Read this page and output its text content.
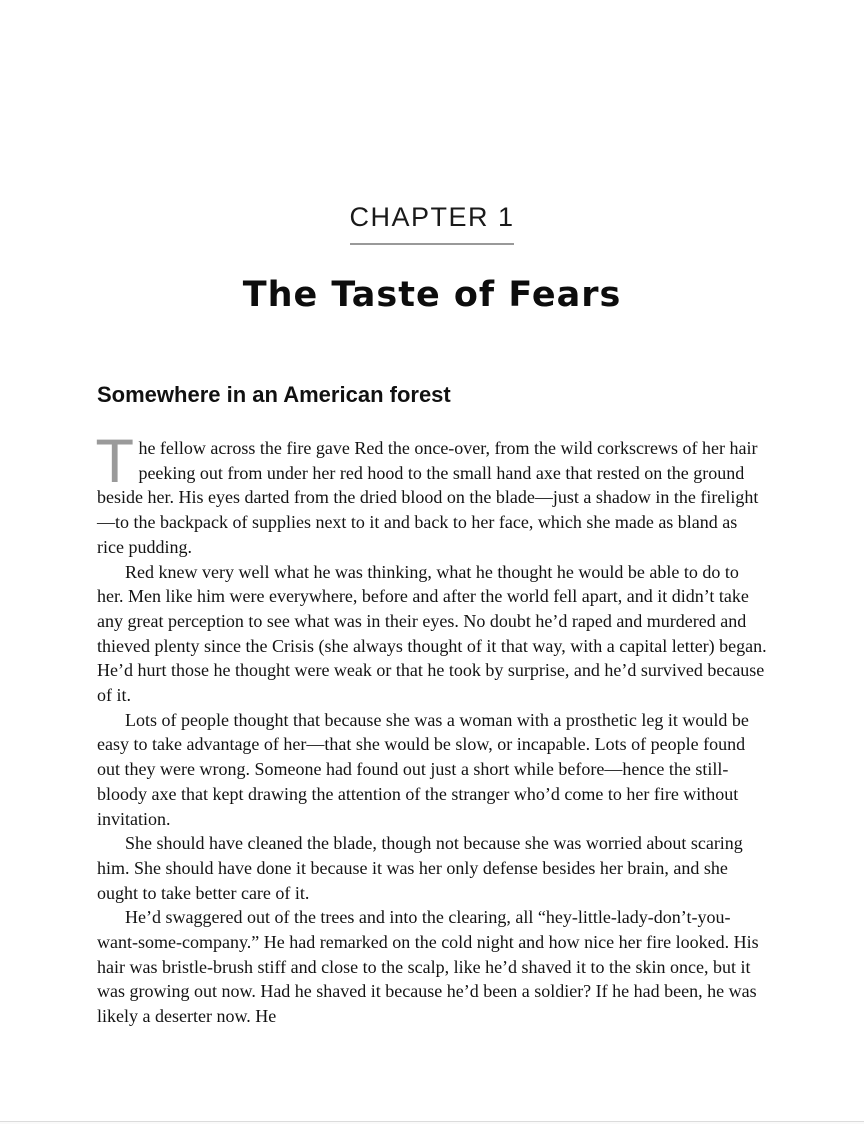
CHAPTER 1
The Taste of Fears
Somewhere in an American forest

The fellow across the fire gave Red the once-over, from the wild corkscrews of her hair peeking out from under her red hood to the small hand axe that rested on the ground beside her. His eyes darted from the dried blood on the blade—just a shadow in the firelight—to the backpack of supplies next to it and back to her face, which she made as bland as rice pudding.

Red knew very well what he was thinking, what he thought he would be able to do to her. Men like him were everywhere, before and after the world fell apart, and it didn’t take any great perception to see what was in their eyes. No doubt he’d raped and murdered and thieved plenty since the Crisis (she always thought of it that way, with a capital letter) began. He’d hurt those he thought were weak or that he took by surprise, and he’d survived because of it.

Lots of people thought that because she was a woman with a prosthetic leg it would be easy to take advantage of her—that she would be slow, or incapable. Lots of people found out they were wrong. Someone had found out just a short while before—hence the still-bloody axe that kept drawing the attention of the stranger who’d come to her fire without invitation.

She should have cleaned the blade, though not because she was worried about scaring him. She should have done it because it was her only defense besides her brain, and she ought to take better care of it.

He’d swaggered out of the trees and into the clearing, all “hey-little-lady-don’t-you-want-some-company.” He had remarked on the cold night and how nice her fire looked. His hair was bristle-brush stiff and close to the scalp, like he’d shaved it to the skin once, but it was growing out now. Had he shaved it because he’d been a soldier? If he had been, he was likely a deserter now. He
